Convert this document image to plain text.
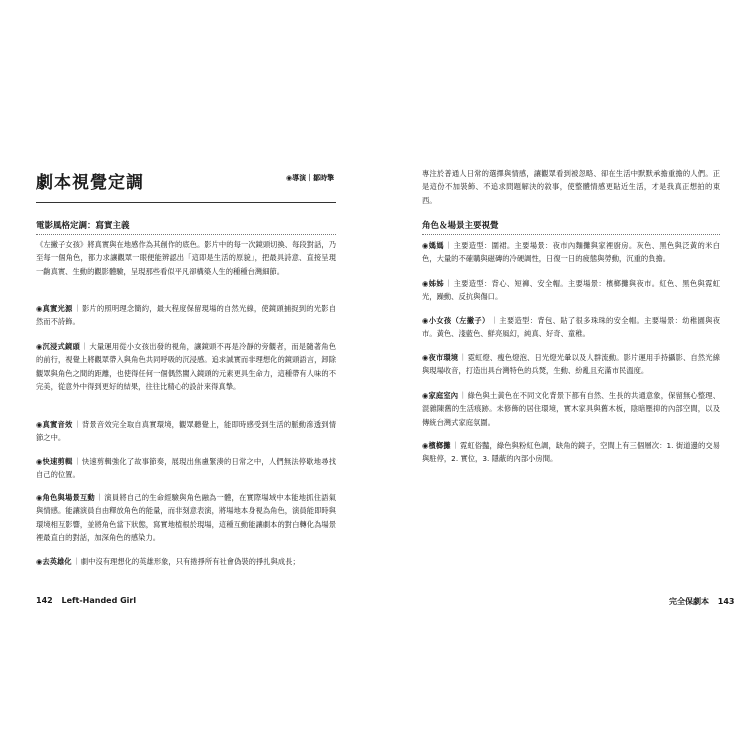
劇本視覺定調	◉導演｜鄒時擎
電影風格定調：寫實主義
《左撇子女孩》將真實與在地感作為其創作的底色。影片中的每一次鏡頭切換、每段對話，乃至每一個角色，都力求讓觀眾一眼便能辨認出「這即是生活的原貌」，把最具詩意、直接呈現一齣真實、生動的觀影體驗，呈現那些看似平凡卻構築人生的種種台灣細節。
◉真實光源｜影片的照明理念簡約，最大程度保留現場的自然光線，使鏡頭捕捉到的光影自然而不詩飾。
◉沉浸式鏡頭｜大量運用從小女孩出發的視角，讓鏡頭不再是冷靜的旁觀者，而是隨著角色的前行，視覺上將觀眾帶入與角色共同呼吸的沉浸感。追求誠實而非理想化的鏡頭語言，卸除觀眾與角色之間的距離，也使得任何一個偶然闖入鏡頭的元素更具生命力，這種帶有人味的不完美，從意外中得到更好的結果，往往比精心的設計來得真摯。
◉真實音效｜背景音效完全取自真實環境，觀眾聽覺上，能即時感受到生活的脈動滲透到情節之中。
◉快速剪輯｜快速剪輯強化了故事節奏，展現出焦慮緊湊的日常之中，人們無法停歇地尋找自己的位置。
◉角色與場景互動｜演員將自己的生命經驗與角色融為一體，在實際場域中本能地抓住語氣與情感。能讓演員自由釋放角色的能量，而非刻意表演，將場地本身視為角色，演員能即時與環境相互影響，並將角色當下狀態，寫實地植根於現場，這種互動能讓劇本的對白轉化為場景裡最直白的對話，加深角色的感染力。
◉去英雄化｜劇中沒有理想化的英雄形象，只有捲掙所有社會偽裝的掙扎與成長；
142 Left-Handed Girl
專注於普通人日常的選擇與情感，讓觀眾看到被忽略、卻在生活中默默承擔重擔的人們。正是這份不加裝飾、不追求問題解決的敘事，使整體情感更貼近生活，才是我真正想拍的東西。
角色＆場景主要視覺
◉媽媽｜主要造型：圍裙。主要場景：夜市內麵攤與家裡廚房。灰色、黑色與泛黃的米白色，大量的不確購與磁磚的冷硬調性，日復一日的疲態與勞動，沉重的負擔。
◉姊姊｜主要造型：背心、短褲、安全帽。主要場景：檳榔攤與夜市。紅色、黑色與霓虹光，躁動、反抗與傷口。
◉小女孩（左撇子）｜主要造型：背包、貼了很多珠珠的安全帽。主要場景：幼稚園與夜市。黃色、淺藍色、鮮亮風幻，純真、好奇、童稚。
◉夜市環境｜霓虹燈、瘦色燈泡、日光燈光暈以及人群流動。影片運用手持攝影、自然光線與現場收音，打造出具台灣特色的兵燹，生動、紛亂且充滿市民溫度。
◉家庭室內｜綠色與土黃色在不同文化背景下都有自然、生長的共通意象，保留無心整理、混雜陳舊的生活痕跡。未修飾的居住環境，實木家具與舊木板，陰暗壓抑的內部空間，以及傳統台灣式家庭氛圍。
◉檳榔攤｜霓虹俗豔，綠色與粉紅色調，缺角的鏡子，空間上有三個層次：1. 街道邊的交易與駐停，2. 實位，3. 隱蔽的內部小房間。
完全保劇本 143
